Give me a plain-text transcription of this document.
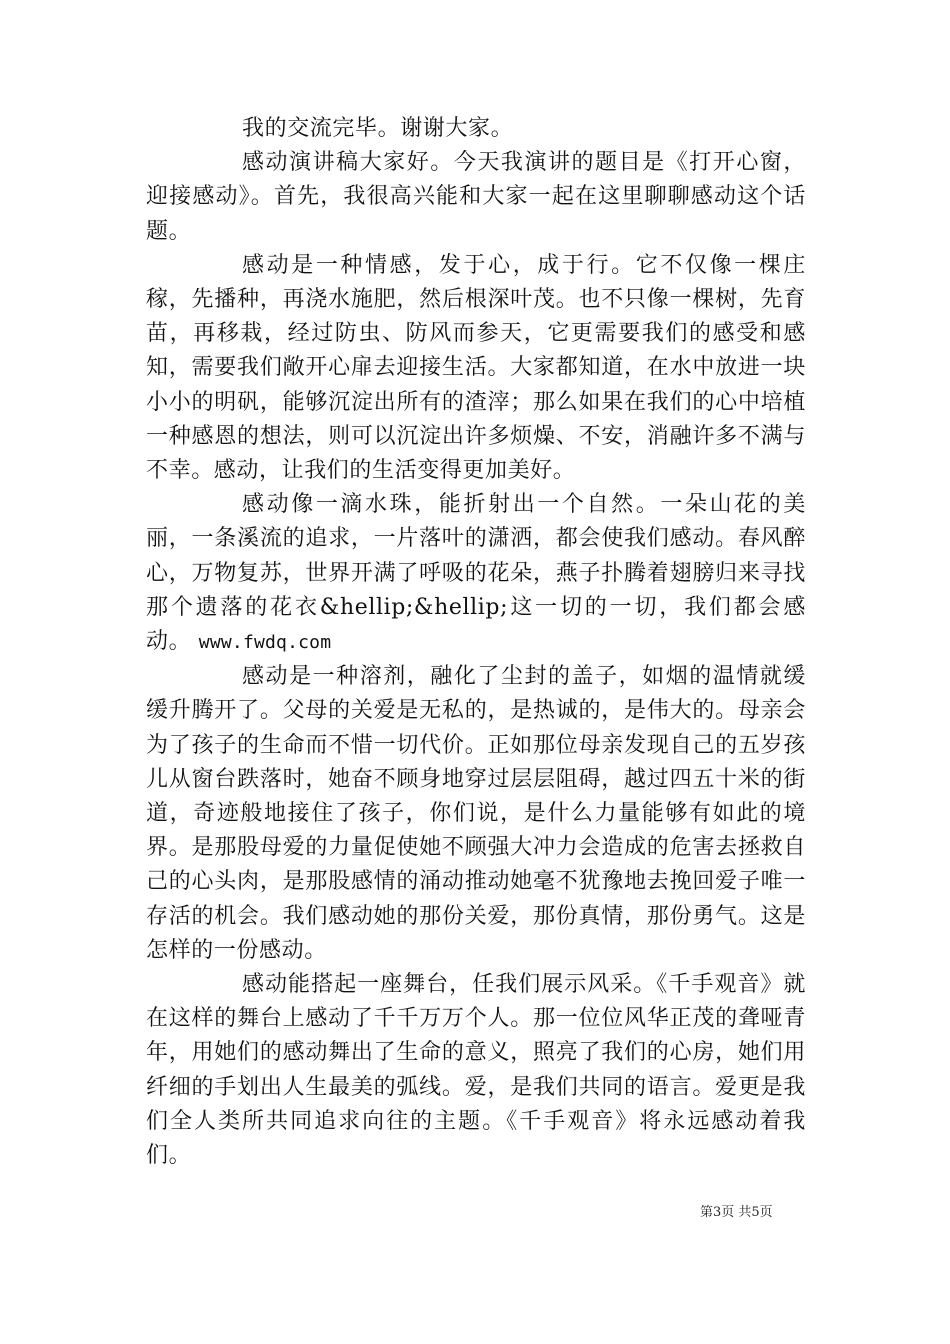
我的交流完毕。谢谢大家。

感动演讲稿大家好。今天我演讲的题目是《打开心窗，迎接感动》。首先，我很高兴能和大家一起在这里聊聊感动这个话题。

感动是一种情感，发于心，成于行。它不仅像一棵庄稼，先播种，再浇水施肥，然后根深叶茂。也不只像一棵树，先育苗，再移栽，经过防虫、防风而参天，它更需要我们的感受和感知，需要我们敞开心扉去迎接生活。大家都知道，在水中放进一块小小的明矾，能够沉淀出所有的渣滓；那么如果在我们的心中培植一种感恩的想法，则可以沉淀出许多烦燥、不安，消融许多不满与不幸。感动，让我们的生活变得更加美好。

感动像一滴水珠，能折射出一个自然。一朵山花的美丽，一条溪流的追求，一片落叶的潇洒，都会使我们感动。春风醉心，万物复苏，世界开满了呼吸的花朵，燕子扑腾着翅膀归来寻找那个遗落的花衣&hellip;&hellip;这一切的一切，我们都会感动。 www.fwdq.com

感动是一种溶剂，融化了尘封的盖子，如烟的温情就缓缓升腾开了。父母的关爱是无私的，是热诚的，是伟大的。母亲会为了孩子的生命而不惜一切代价。正如那位母亲发现自己的五岁孩儿从窗台跌落时，她奋不顾身地穿过层层阻碍，越过四五十米的街道，奇迹般地接住了孩子，你们说，是什么力量能够有如此的境界。是那股母爱的力量促使她不顾强大冲力会造成的危害去拯救自己的心头肉，是那股感情的涌动推动她毫不犹豫地去挽回爱子唯一存活的机会。我们感动她的那份关爱，那份真情，那份勇气。这是怎样的一份感动。

感动能搭起一座舞台，任我们展示风采。《千手观音》就在这样的舞台上感动了千千万万个人。那一位位风华正茂的聋哑青年，用她们的感动舞出了生命的意义，照亮了我们的心房，她们用纤细的手划出人生最美的弧线。爱，是我们共同的语言。爱更是我们全人类所共同追求向往的主题。《千手观音》将永远感动着我们。

第3页 共5页
